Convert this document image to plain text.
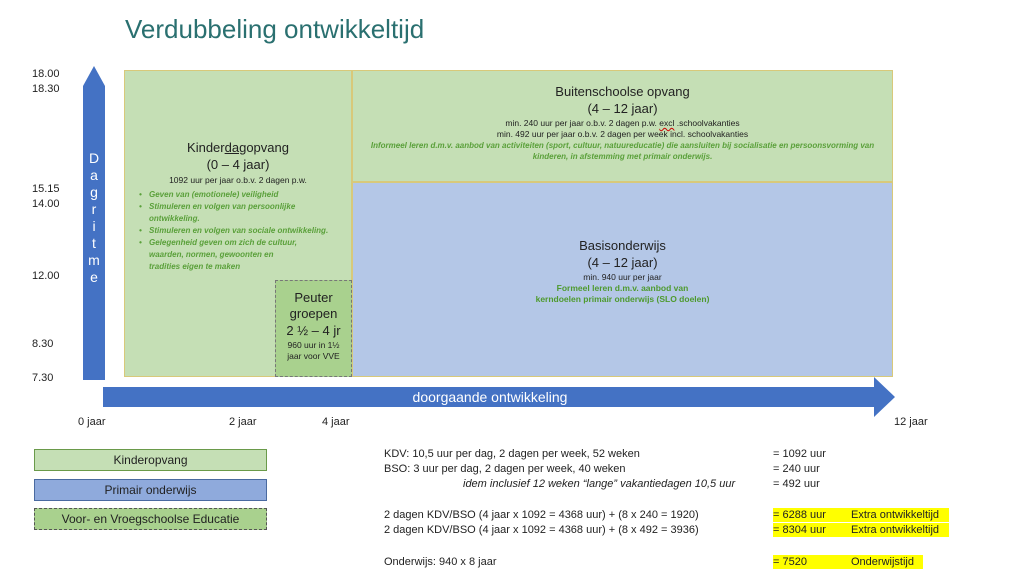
Verdubbeling ontwikkeltijd
18.00
18.30
15.15
14.00
12.00
8.30
7.30
D
a
g
r
i
t
m
e
doorgaande ontwikkeling
0 jaar	2 jaar	4 jaar	12 jaar
Kinderdagopvang
(0 – 4 jaar)
1092 uur per jaar o.b.v. 2 dagen p.w.
• Geven van (emotionele) veiligheid
• Stimuleren en volgen van persoonlijke ontwikkeling.
• Stimuleren en volgen van sociale ontwikkeling.
• Gelegenheid geven om zich de cultuur, waarden, normen, gewoonten en tradities eigen te maken
Peuter
groepen
2 ½ – 4 jr
960 uur in 1½
jaar voor VVE
Buitenschoolse opvang
(4 – 12 jaar)
min. 240 uur per jaar o.b.v. 2 dagen p.w. excl .schoolvakanties
min. 492 uur per jaar o.b.v. 2 dagen per week incl. schoolvakanties
Informeel leren d.m.v. aanbod van activiteiten (sport, cultuur, natuureducatie) die aansluiten bij socialisatie en persoonsvorming van kinderen, in afstemming met primair onderwijs.
Basisonderwijs
(4 – 12 jaar)
min. 940 uur per jaar
Formeel leren d.m.v. aanbod van
kerndoelen primair onderwijs (SLO doelen)
Kinderopvang
Primair onderwijs
Voor- en Vroegschoolse Educatie
KDV: 10,5 uur per dag, 2 dagen per week, 52 weken	= 1092 uur
BSO: 3 uur per dag, 2 dagen per week, 40 weken	= 240 uur
idem inclusief 12 weken “lange” vakantiedagen 10,5 uur	= 492 uur
2 dagen KDV/BSO (4 jaar x 1092 = 4368 uur) + (8 x 240 = 1920)	= 6288 uur Extra ontwikkeltijd
2 dagen KDV/BSO (4 jaar x 1092 = 4368 uur) + (8 x 492 = 3936)	= 8304 uur Extra ontwikkeltijd
Onderwijs: 940 x 8 jaar	= 7520	Onderwijstijd
